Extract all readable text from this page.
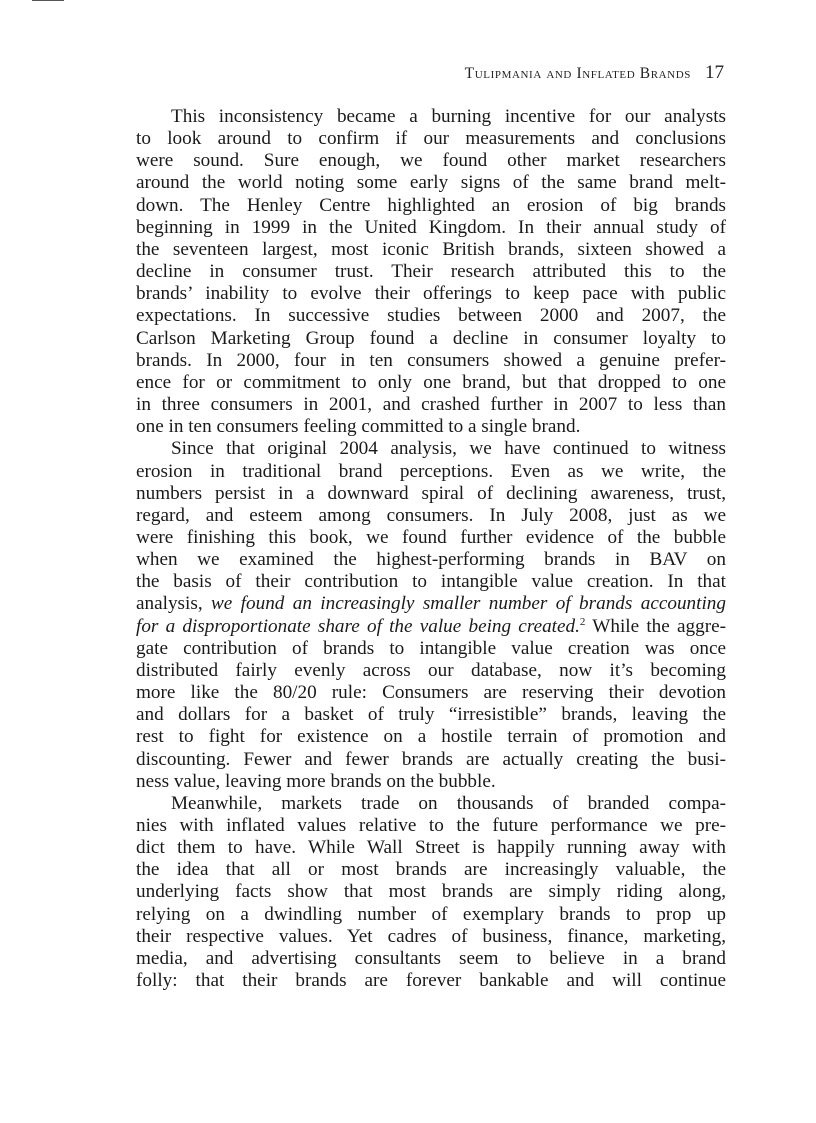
Tulipmania and Inflated Brands 17
This inconsistency became a burning incentive for our analysts
to look around to confirm if our measurements and conclusions
were sound. Sure enough, we found other market researchers
around the world noting some early signs of the same brand melt-
down. The Henley Centre highlighted an erosion of big brands
beginning in 1999 in the United Kingdom. In their annual study of
the seventeen largest, most iconic British brands, sixteen showed a
decline in consumer trust. Their research attributed this to the
brands’ inability to evolve their offerings to keep pace with public
expectations. In successive studies between 2000 and 2007, the
Carlson Marketing Group found a decline in consumer loyalty to
brands. In 2000, four in ten consumers showed a genuine prefer-
ence for or commitment to only one brand, but that dropped to one
in three consumers in 2001, and crashed further in 2007 to less than
one in ten consumers feeling committed to a single brand.
Since that original 2004 analysis, we have continued to witness
erosion in traditional brand perceptions. Even as we write, the
numbers persist in a downward spiral of declining awareness, trust,
regard, and esteem among consumers. In July 2008, just as we
were finishing this book, we found further evidence of the bubble
when we examined the highest-performing brands in BAV on
the basis of their contribution to intangible value creation. In that
analysis, we found an increasingly smaller number of brands accounting
for a disproportionate share of the value being created.$^2$ While the aggre-
gate contribution of brands to intangible value creation was once
distributed fairly evenly across our database, now it’s becoming
more like the 80/20 rule: Consumers are reserving their devotion
and dollars for a basket of truly “irresistible” brands, leaving the
rest to fight for existence on a hostile terrain of promotion and
discounting. Fewer and fewer brands are actually creating the busi-
ness value, leaving more brands on the bubble.
Meanwhile, markets trade on thousands of branded compa-
nies with inflated values relative to the future performance we pre-
dict them to have. While Wall Street is happily running away with
the idea that all or most brands are increasingly valuable, the
underlying facts show that most brands are simply riding along,
relying on a dwindling number of exemplary brands to prop up
their respective values. Yet cadres of business, finance, marketing,
media, and advertising consultants seem to believe in a brand
folly: that their brands are forever bankable and will continue
